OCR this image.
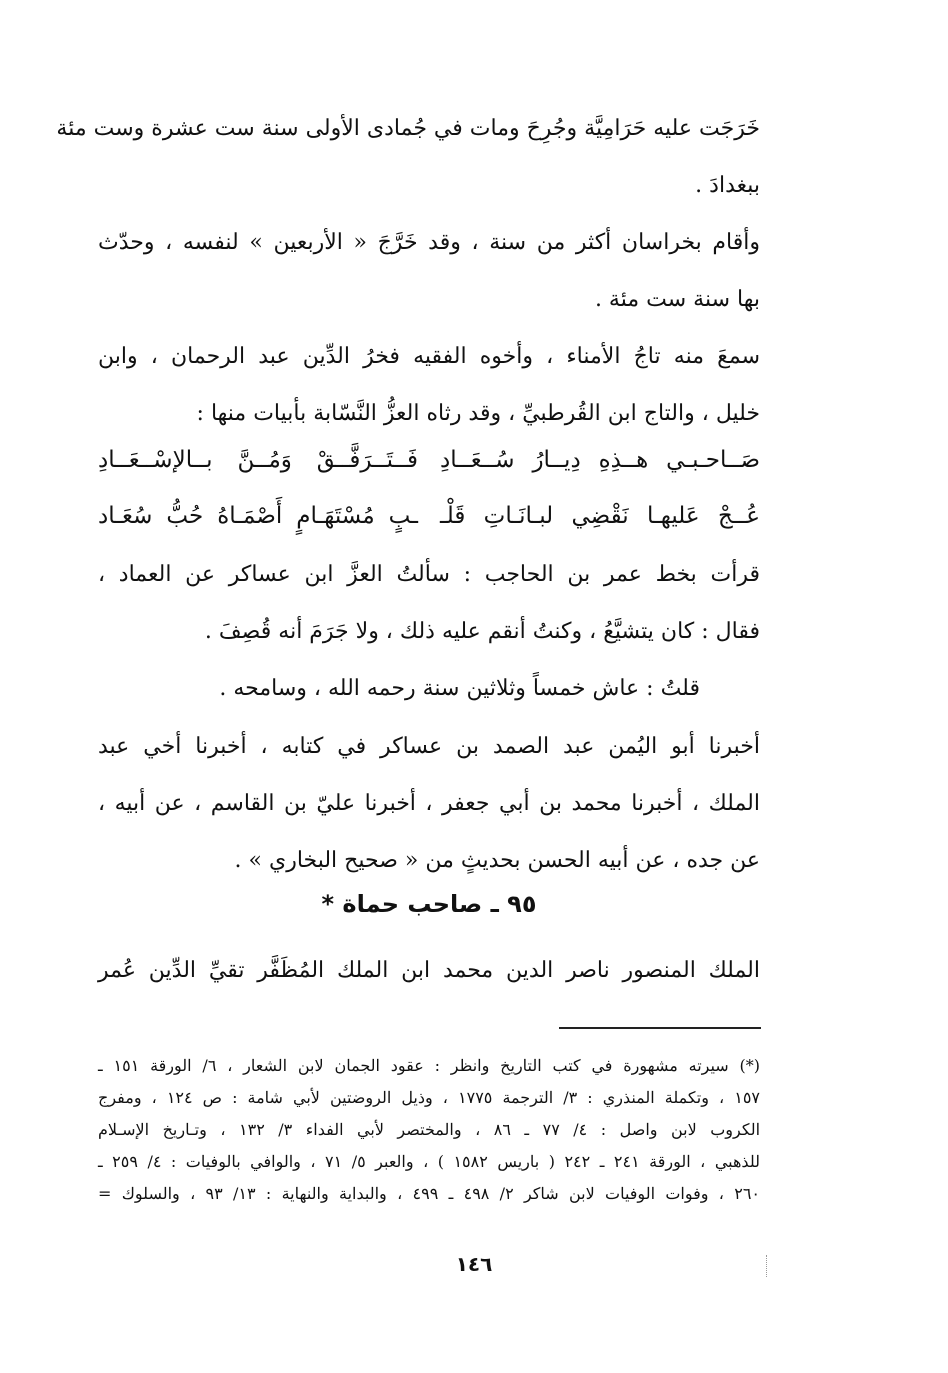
خَرَجَت عليه حَرَامِيَّة وجُرِحَ ومات في جُمادى الأولى سنة ست عشرة وست مئة
ببغدادَ .
وأقام بخراسان أكثر من سنة ، وقد خَرَّجَ « الأربعين » لنفسه ، وحدّث
بها سنة ست مئة .
سمعَ منه تاجُ الأمناء ، وأخوه الفقيه فخرُ الدِّين عبد الرحمان ، وابن
خليل ، والتاج ابن القُرطبيِّ ، وقد رثاه العزُّ النَّسّابة بأبيات منها :
صَــاحـبـي هــذِهِ دِيــارُ سُــعَــادِ
فَــتَــرَفَّــقْ وَمُــنَّ بــالإسْــعَــادِ
عُــجْ عَليهـا نَقْضِي لبـانَـاتِ قَلْـ
ـبٍ مُسْتَهَـامٍ أَصْمَـاهُ حُبُّ سُعَـاد
قرأت بخط عمر بن الحاجب : سألتُ العزَّ ابن عساكر عن العماد ،
فقال : كان يتشيَّعُ ، وكنتُ أنقم عليه ذلك ، ولا جَرَمَ أنه قُصِفَ .
قلتُ : عاش خمساً وثلاثين سنة رحمه الله ، وسامحه .
أخبرنا أبو اليُمن عبد الصمد بن عساكر في كتابه ، أخبرنا أخي عبد
الملك ، أخبرنا محمد بن أبي جعفر ، أخبرنا عليّ بن القاسم ، عن أبيه ،
عن جده ، عن أبيه الحسن بحديثٍ من « صحيح البخاري » .
٩٥ ـ صاحب حماة *
الملك المنصور ناصر الدين محمد ابن الملك المُظَفَّر تقيِّ الدِّين عُمر
(*) سيرته مشهورة في كتب التاريخ وانظر : عقود الجمان لابن الشعار ، ٦/ الورقة ١٥١ ـ
١٥٧ ، وتكملة المنذري : ٣/ الترجمة ١٧٧٥ ، وذيل الروضتين لأبي شامة : ص ١٢٤ ، ومفرج
الكروب لابن واصل : ٤/ ٧٧ ـ ٨٦ ، والمختصر لأبي الفداء ٣/ ١٣٢ ، وتـاريخ الإسـلام
للذهبي ، الورقة ٢٤١ ـ ٢٤٢ ( باريس ١٥٨٢ ) ، والعبر ٥/ ٧١ ، والوافي بالوفيات : ٤/ ٢٥٩ ـ
٢٦٠ ، وفوات الوفيات لابن شاكر ٢/ ٤٩٨ ـ ٤٩٩ ، والبداية والنهاية : ١٣/ ٩٣ ، والسلوك =
١٤٦
